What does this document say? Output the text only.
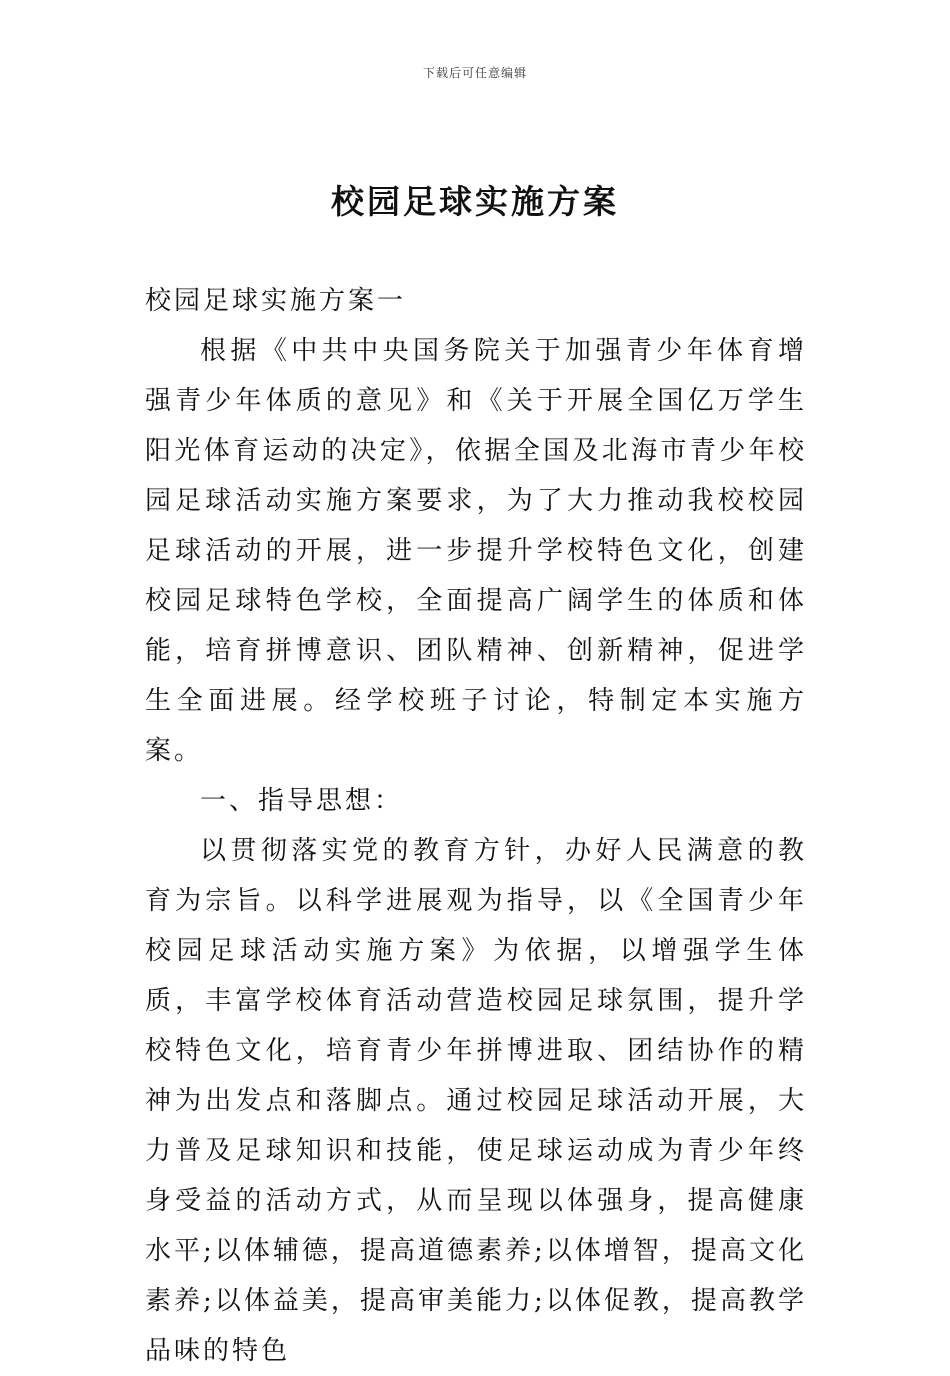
下载后可任意编辑
校园足球实施方案

校园足球实施方案一

根据《中共中央国务院关于加强青少年体育增强青少年体质的意见》和《关于开展全国亿万学生阳光体育运动的决定》，依据全国及北海市青少年校园足球活动实施方案要求，为了大力推动我校校园足球活动的开展，进一步提升学校特色文化，创建校园足球特色学校，全面提高广阔学生的体质和体能，培育拼博意识、团队精神、创新精神，促进学生全面进展。经学校班子讨论，特制定本实施方案。

一、指导思想：

以贯彻落实党的教育方针，办好人民满意的教育为宗旨。以科学进展观为指导，以《全国青少年校园足球活动实施方案》为依据，以增强学生体质，丰富学校体育活动营造校园足球氛围，提升学校特色文化，培育青少年拼博进取、团结协作的精神为出发点和落脚点。通过校园足球活动开展，大力普及足球知识和技能，使足球运动成为青少年终身受益的活动方式，从而呈现以体强身，提高健康水平;以体辅德，提高道德素养;以体增智，提高文化素养;以体益美，提高审美能力;以体促教，提高教学品味的特色
